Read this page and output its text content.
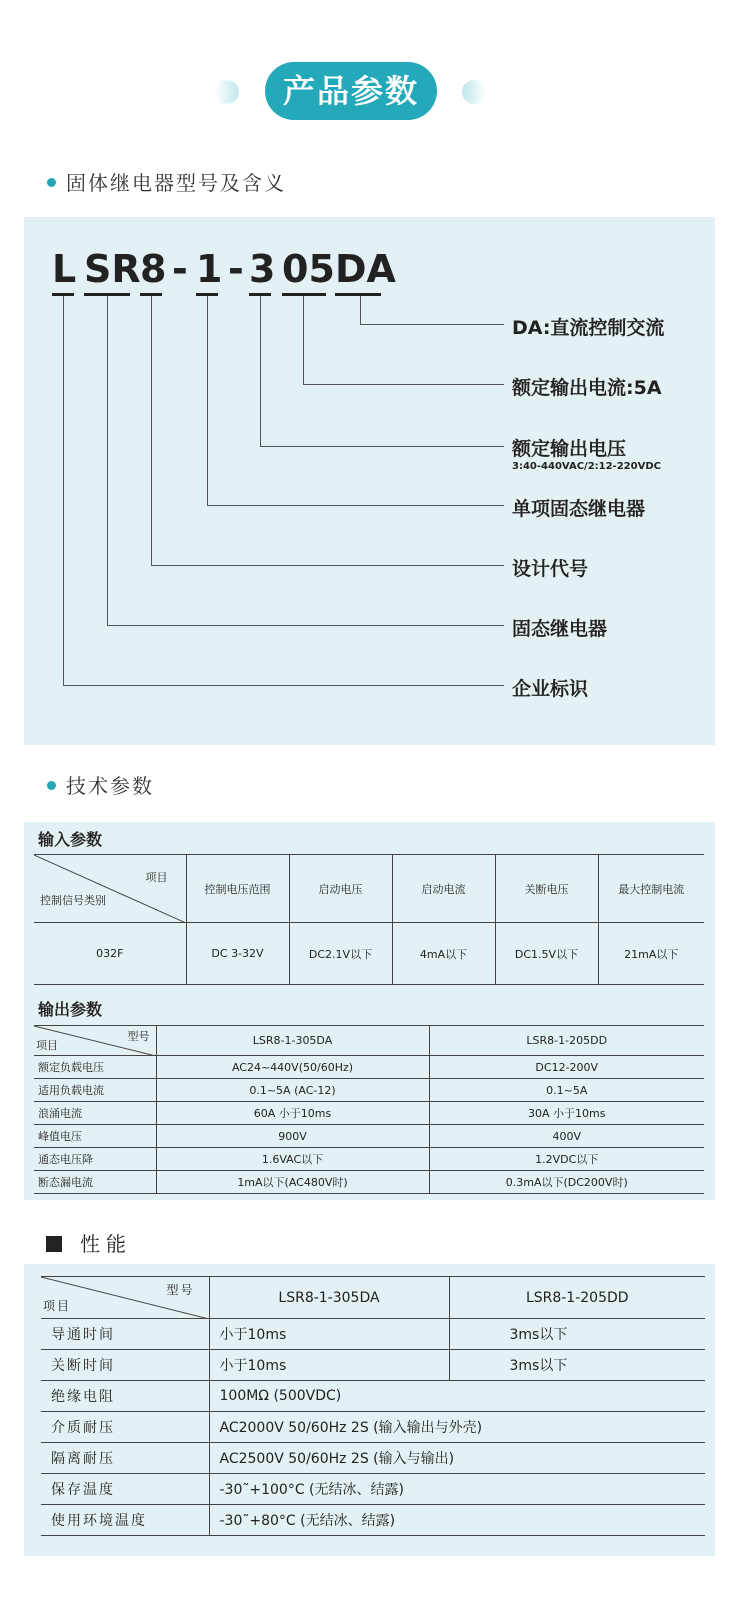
产品参数
固体继电器型号及含义
L SR 8 - 1 - 3 05 DA
DA:直流控制交流
额定输出电流:5A
额定输出电压
3:40-440VAC/2:12-220VDC
单项固态继电器
设计代号
固态继电器
企业标识
技术参数
输入参数
项目
控制信号类别	控制电压范围	启动电压	启动电流	关断电压	最大控制电流
032F	DC 3-32V	DC2.1V以下	4mA以下	DC1.5V以下	21mA以下
输出参数
型号
项目	LSR8-1-305DA	LSR8-1-205DD
额定负载电压	AC24~440V(50/60Hz)	DC12-200V
适用负载电流	0.1~5A (AC-12)	0.1~5A
浪涌电流	60A 小于10ms	30A 小于10ms
峰值电压	900V	400V
通态电压降	1.6VAC以下	1.2VDC以下
断态漏电流	1mA以下(AC480V时)	0.3mA以下(DC200V时)
性能
型号
项目	LSR8-1-305DA	LSR8-1-205DD
导通时间	小于10ms	3ms以下
关断时间	小于10ms	3ms以下
绝缘电阻	100MΩ (500VDC)	
介质耐压	AC2000V 50/60Hz 2S (输入输出与外壳)	
隔离耐压	AC2500V 50/60Hz 2S (输入与输出)	
保存温度	-30˜+100°C (无结冰、结露)	
使用环境温度	-30˜+80°C (无结冰、结露)	
